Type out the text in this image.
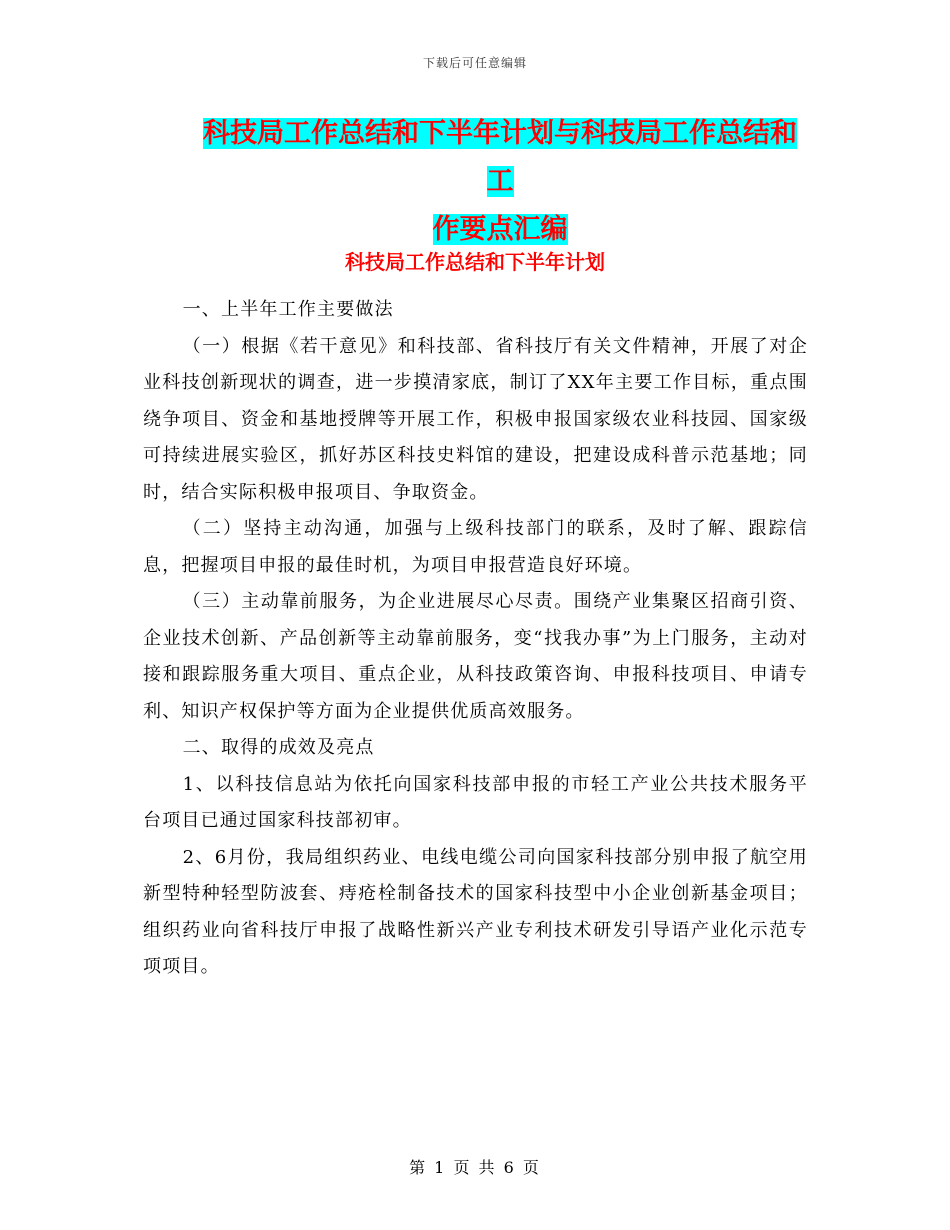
下载后可任意编辑
科技局工作总结和下半年计划与科技局工作总结和工
作要点汇编
科技局工作总结和下半年计划

一、上半年工作主要做法

（一）根据《若干意见》和科技部、省科技厅有关文件精神，开展了对企业科技创新现状的调查，进一步摸清家底，制订了XX年主要工作目标，重点围绕争项目、资金和基地授牌等开展工作，积极申报国家级农业科技园、国家级可持续进展实验区，抓好苏区科技史料馆的建设，把建设成科普示范基地；同时，结合实际积极申报项目、争取资金。

（二）坚持主动沟通，加强与上级科技部门的联系，及时了解、跟踪信息，把握项目申报的最佳时机，为项目申报营造良好环境。

（三）主动靠前服务，为企业进展尽心尽责。围绕产业集聚区招商引资、企业技术创新、产品创新等主动靠前服务，变“找我办事”为上门服务，主动对接和跟踪服务重大项目、重点企业，从科技政策咨询、申报科技项目、申请专利、知识产权保护等方面为企业提供优质高效服务。

二、取得的成效及亮点

1、以科技信息站为依托向国家科技部申报的市轻工产业公共技术服务平台项目已通过国家科技部初审。

2、6月份，我局组织药业、电线电缆公司向国家科技部分别申报了航空用新型特种轻型防波套、痔疮栓制备技术的国家科技型中小企业创新基金项目；组织药业向省科技厅申报了战略性新兴产业专利技术研发引导语产业化示范专项项目。

第 1 页 共 6 页
